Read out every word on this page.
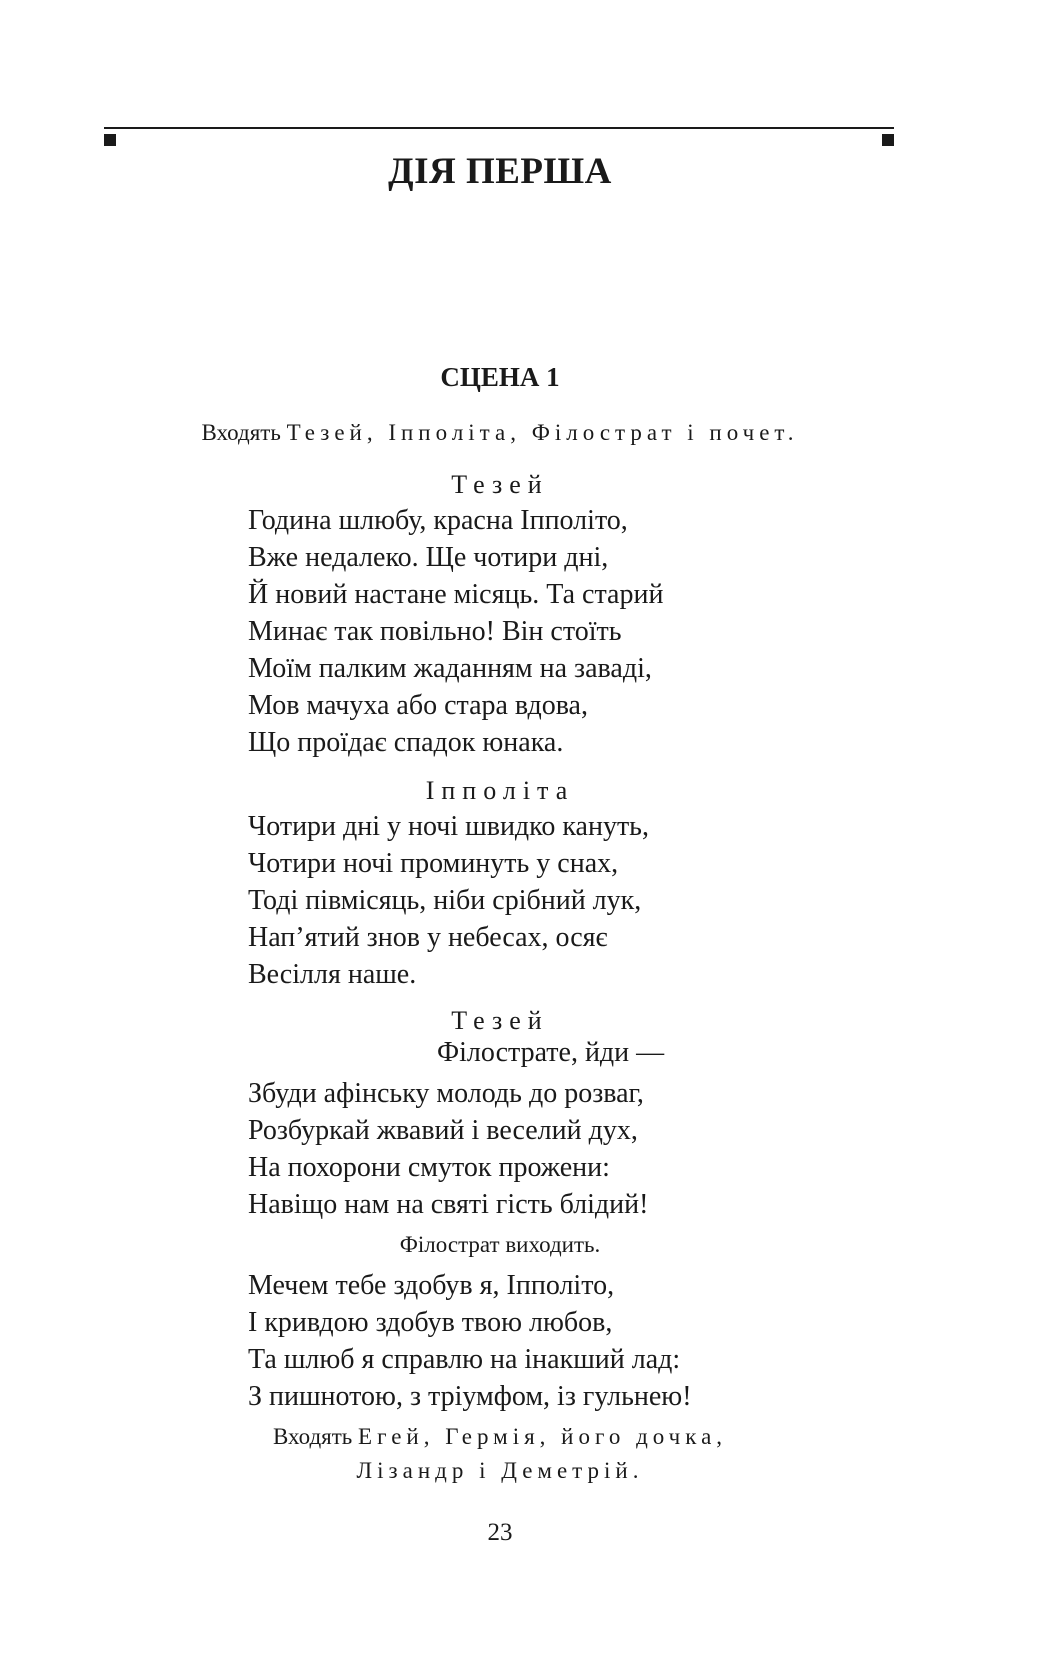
ДІЯ ПЕРША
СЦЕНА 1
Входять Тезей, Іпполіта, Філострат і почет.
Тезей
Година шлюбу, красна Іпполіто,
Вже недалеко. Ще чотири дні,
Й новий настане місяць. Та старий
Минає так повільно! Він стоїть
Моїм палким жаданням на заваді,
Мов мачуха або стара вдова,
Що проїдає спадок юнака.
Іпполіта
Чотири дні у ночі швидко кануть,
Чотири ночі проминуть у снах,
Тоді півмісяць, ніби срібний лук,
Нап’ятий знов у небесах, осяє
Весілля наше.
Тезей
Філострате, йди —
Збуди афінську молодь до розваг,
Розбуркай жвавий і веселий дух,
На похорони смуток прожени:
Навіщо нам на святі гість блідий!
Філострат виходить.
Мечем тебе здобув я, Іпполіто,
І кривдою здобув твою любов,
Та шлюб я справлю на інакший лад:
З пишнотою, з тріумфом, із гульнею!
Входять Егей, Гермія, його дочка,
Лізандр і Деметрій.
23
